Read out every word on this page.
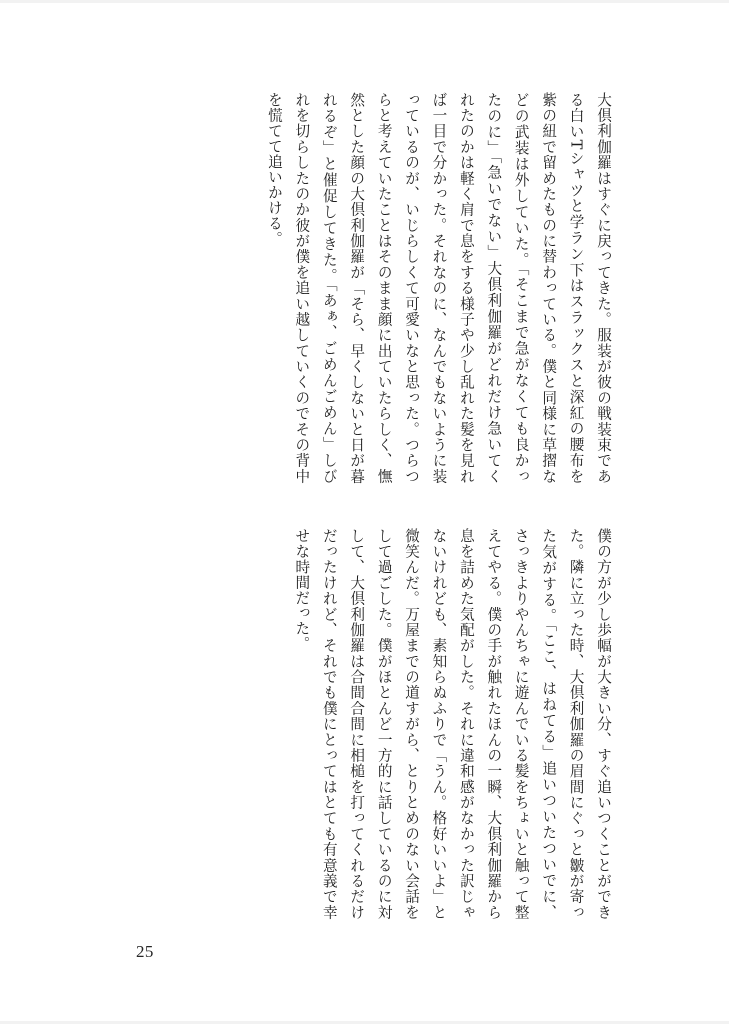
大倶利伽羅はすぐに戻ってきた。服装が彼の戦装束である白いTシャツと学ラン下はスラックスと深紅の腰布を紫の紐で留めたものに替わっている。僕と同様に草摺などの武装は外していた。「そこまで急がなくても良かったのに」「急いでない」大倶利伽羅がどれだけ急いてくれたのかは軽く肩で息をする様子や少し乱れた髪を見れば一目で分かった。それなのに、なんでもないように装っているのが、いじらしくて可愛いなと思った。つらつらと考えていたことはそのまま顔に出ていたらしく、憮然とした顔の大倶利伽羅が「そら、早くしないと日が暮れるぞ」と催促してきた。「あぁ、ごめんごめん」しびれを切らしたのか彼が僕を追い越していくのでその背中を慌てて追いかける。

僕の方が少し歩幅が大きい分、すぐ追いつくことができた。隣に立った時、大倶利伽羅の眉間にぐっと皺が寄った気がする。「ここ、はねてる」追いついたついでに、さっきよりやんちゃに遊んでいる髪をちょいと触って整えてやる。僕の手が触れたほんの一瞬、大倶利伽羅から息を詰めた気配がした。それに違和感がなかった訳じゃないけれども、素知らぬふりで「うん。格好いいよ」と微笑んだ。万屋までの道すがら、とりとめのない会話をして過ごした。僕がほとんど一方的に話しているのに対して、大倶利伽羅は合間合間に相槌を打ってくれるだけだったけれど、それでも僕にとってはとても有意義で幸せな時間だった。

25
